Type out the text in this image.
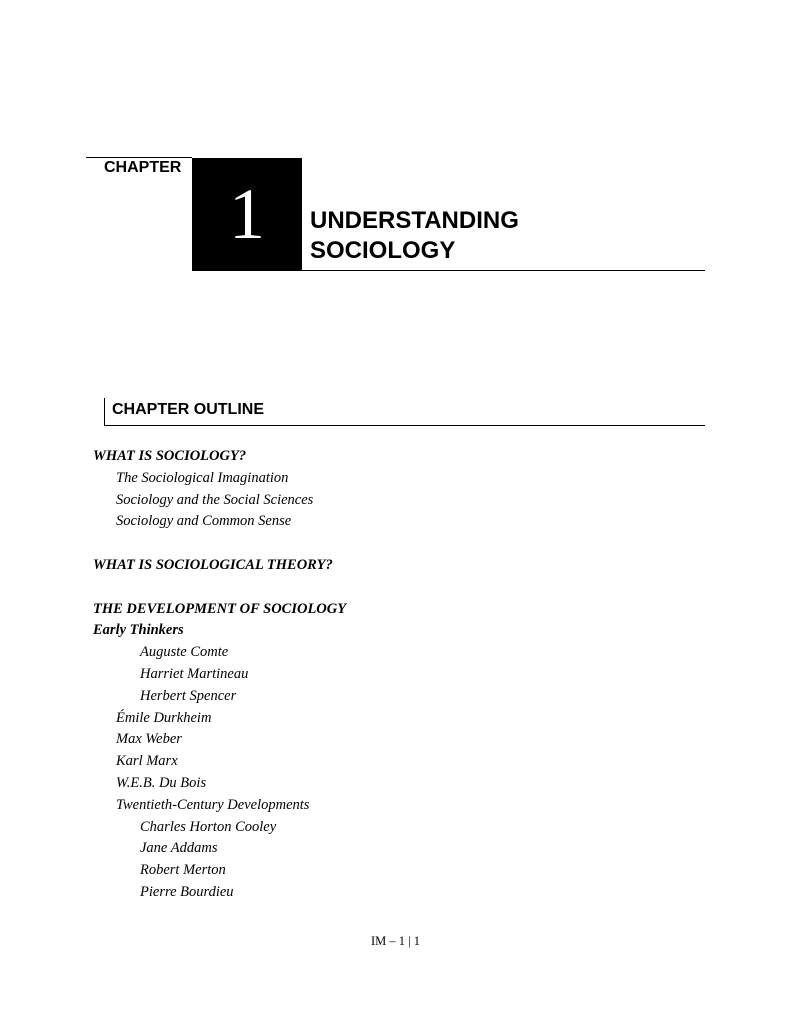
CHAPTER
1	UNDERSTANDING
SOCIOLOGY
CHAPTER OUTLINE
WHAT IS SOCIOLOGY?
The Sociological Imagination
Sociology and the Social Sciences
Sociology and Common Sense
WHAT IS SOCIOLOGICAL THEORY?
THE DEVELOPMENT OF SOCIOLOGY
Early Thinkers
Auguste Comte
Harriet Martineau
Herbert Spencer
Émile Durkheim
Max Weber
Karl Marx
W.E.B. Du Bois
Twentieth-Century Developments
Charles Horton Cooley
Jane Addams
Robert Merton
Pierre Bourdieu
IM – 1 | 1
